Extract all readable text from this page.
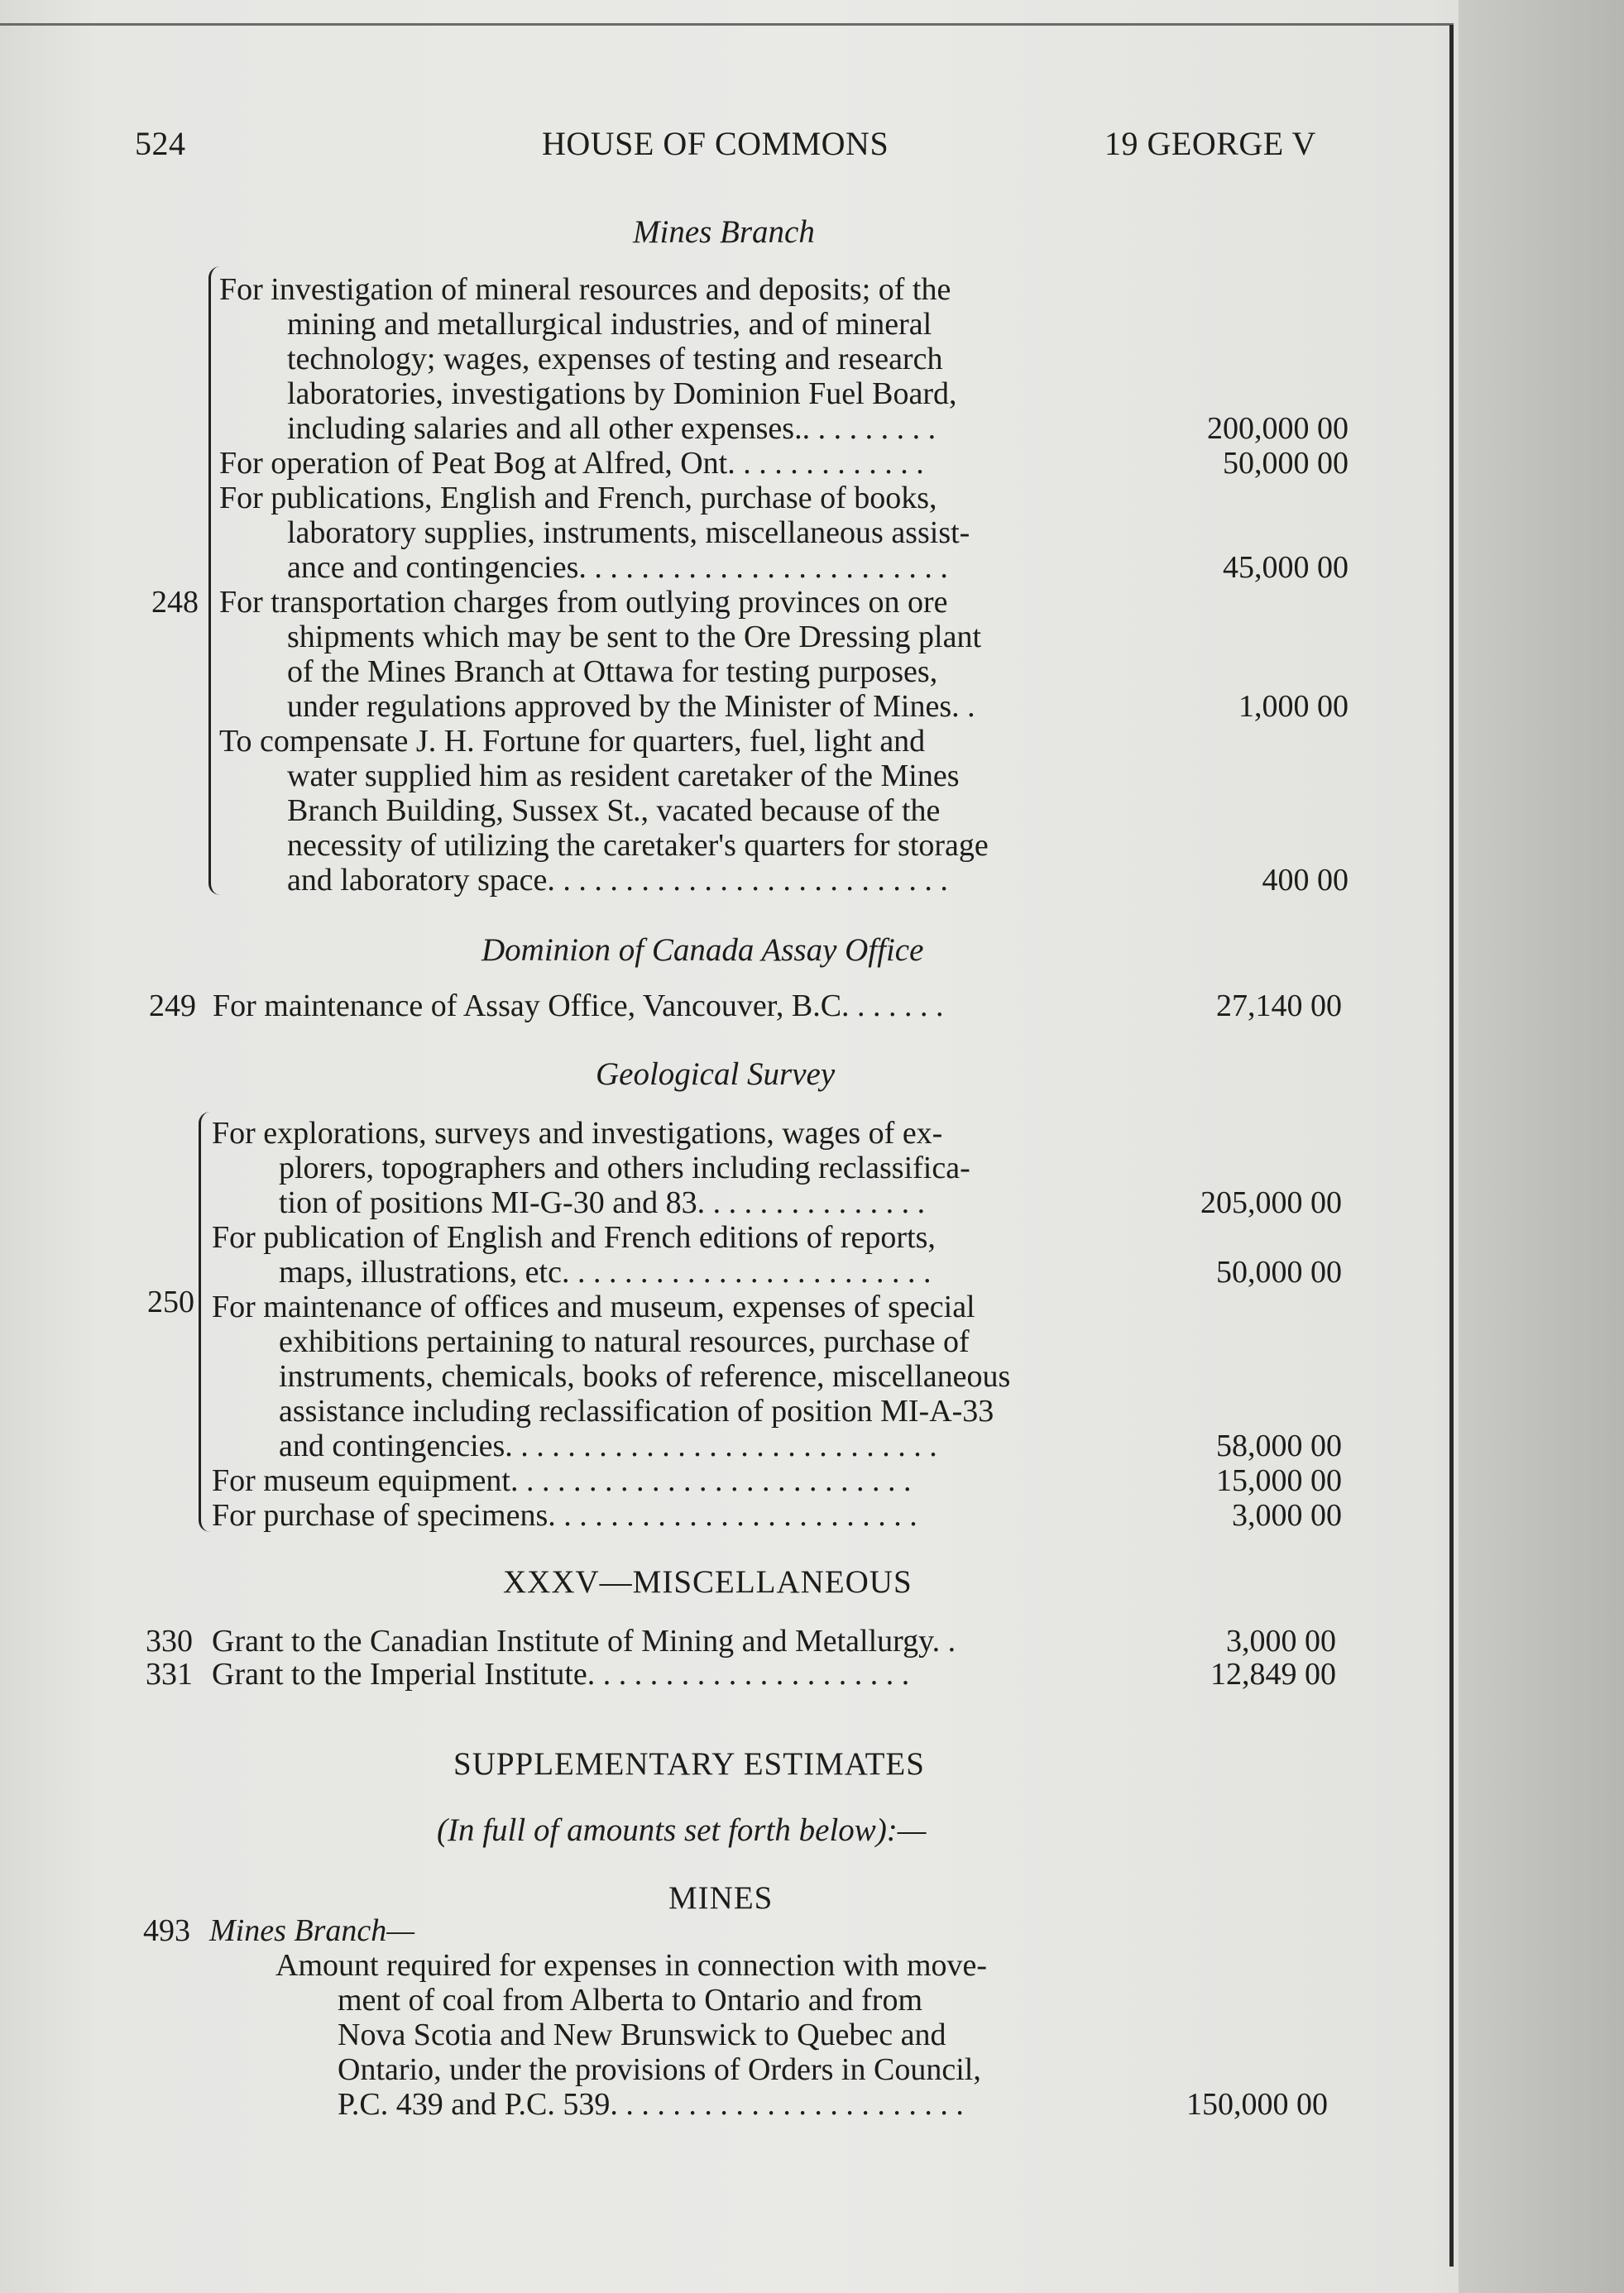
524	HOUSE OF COMMONS	19 GEORGE V
Mines Branch
248
For investigation of mineral resources and deposits; of the
mining and metallurgical industries, and of mineral
technology; wages, expenses of testing and research
laboratories, investigations by Dominion Fuel Board,
including salaries and all other expenses.. . . . . . . . .	200,000 00
For operation of Peat Bog at Alfred, Ont. . . . . . . . . . . . .	50,000 00
For publications, English and French, purchase of books,
laboratory supplies, instruments, miscellaneous assist-
ance and contingencies. . . . . . . . . . . . . . . . . . . . . . . .	45,000 00
For transportation charges from outlying provinces on ore
shipments which may be sent to the Ore Dressing plant
of the Mines Branch at Ottawa for testing purposes,
under regulations approved by the Minister of Mines. .	1,000 00
To compensate J. H. Fortune for quarters, fuel, light and
water supplied him as resident caretaker of the Mines
Branch Building, Sussex St., vacated because of the
necessity of utilizing the caretaker's quarters for storage
and laboratory space. . . . . . . . . . . . . . . . . . . . . . . . . .	400 00
Dominion of Canada Assay Office
249 For maintenance of Assay Office, Vancouver, B.C. . . . . . .	27,140 00
Geological Survey
250
For explorations, surveys and investigations, wages of ex-
plorers, topographers and others including reclassifica-
tion of positions MI-G-30 and 83. . . . . . . . . . . . . . .	205,000 00
For publication of English and French editions of reports,
maps, illustrations, etc. . . . . . . . . . . . . . . . . . . . . . . .	50,000 00
For maintenance of offices and museum, expenses of special
exhibitions pertaining to natural resources, purchase of
instruments, chemicals, books of reference, miscellaneous
assistance including reclassification of position MI-A-33
and contingencies. . . . . . . . . . . . . . . . . . . . . . . . . . . .	58,000 00
For museum equipment. . . . . . . . . . . . . . . . . . . . . . . . . .	15,000 00
For purchase of specimens. . . . . . . . . . . . . . . . . . . . . . . .	3,000 00
XXXV—MISCELLANEOUS
330 Grant to the Canadian Institute of Mining and Metallurgy. .	3,000 00
331 Grant to the Imperial Institute. . . . . . . . . . . . . . . . . . . . .	12,849 00
SUPPLEMENTARY ESTIMATES
(In full of amounts set forth below):—
MINES
493 Mines Branch—
Amount required for expenses in connection with move-
ment of coal from Alberta to Ontario and from
Nova Scotia and New Brunswick to Quebec and
Ontario, under the provisions of Orders in Council,
P.C. 439 and P.C. 539. . . . . . . . . . . . . . . . . . . . . . .	150,000 00
